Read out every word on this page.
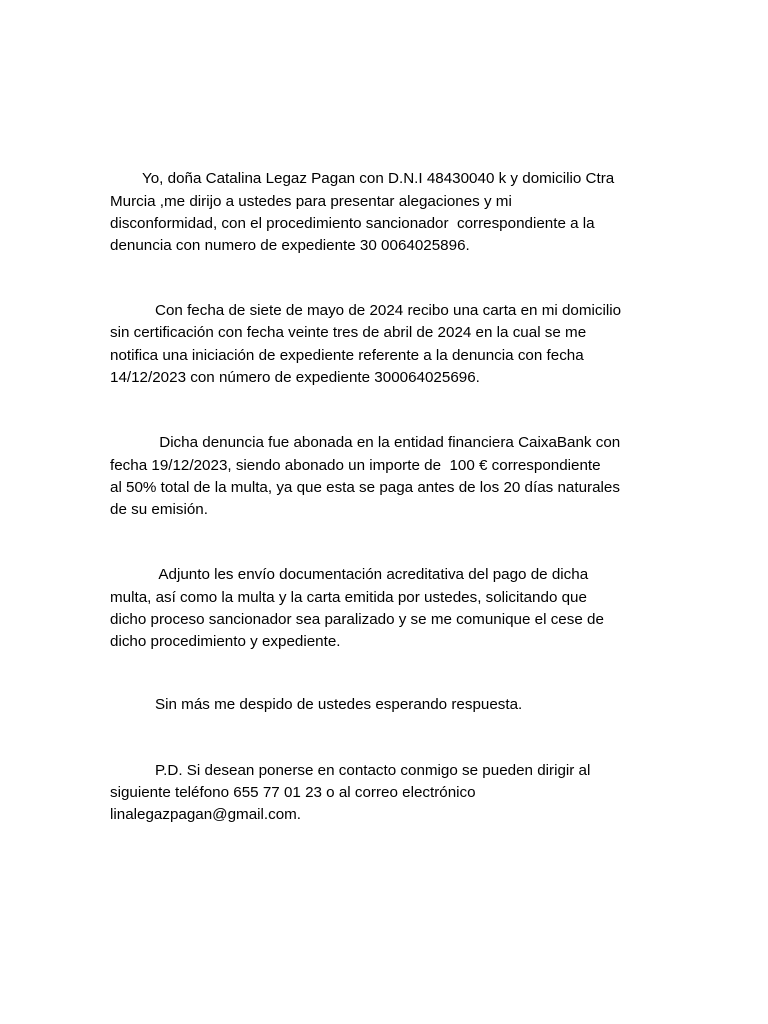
Yo, doña Catalina Legaz Pagan con D.N.I 48430040 k y domicilio Ctra
Murcia ,me dirijo a ustedes para presentar alegaciones y mi
disconformidad, con el procedimiento sancionador  correspondiente a la
denuncia con numero de expediente 30 0064025896.
Con fecha de siete de mayo de 2024 recibo una carta en mi domicilio
sin certificación con fecha veinte tres de abril de 2024 en la cual se me
notifica una iniciación de expediente referente a la denuncia con fecha
14/12/2023 con número de expediente 300064025696.
Dicha denuncia fue abonada en la entidad financiera CaixaBank con
fecha 19/12/2023, siendo abonado un importe de  100 € correspondiente
al 50% total de la multa, ya que esta se paga antes de los 20 días naturales
de su emisión.
Adjunto les envío documentación acreditativa del pago de dicha
multa, así como la multa y la carta emitida por ustedes, solicitando que
dicho proceso sancionador sea paralizado y se me comunique el cese de
dicho procedimiento y expediente.
Sin más me despido de ustedes esperando respuesta.
P.D. Si desean ponerse en contacto conmigo se pueden dirigir al
siguiente teléfono 655 77 01 23 o al correo electrónico
linalegazpagan@gmail.com.
